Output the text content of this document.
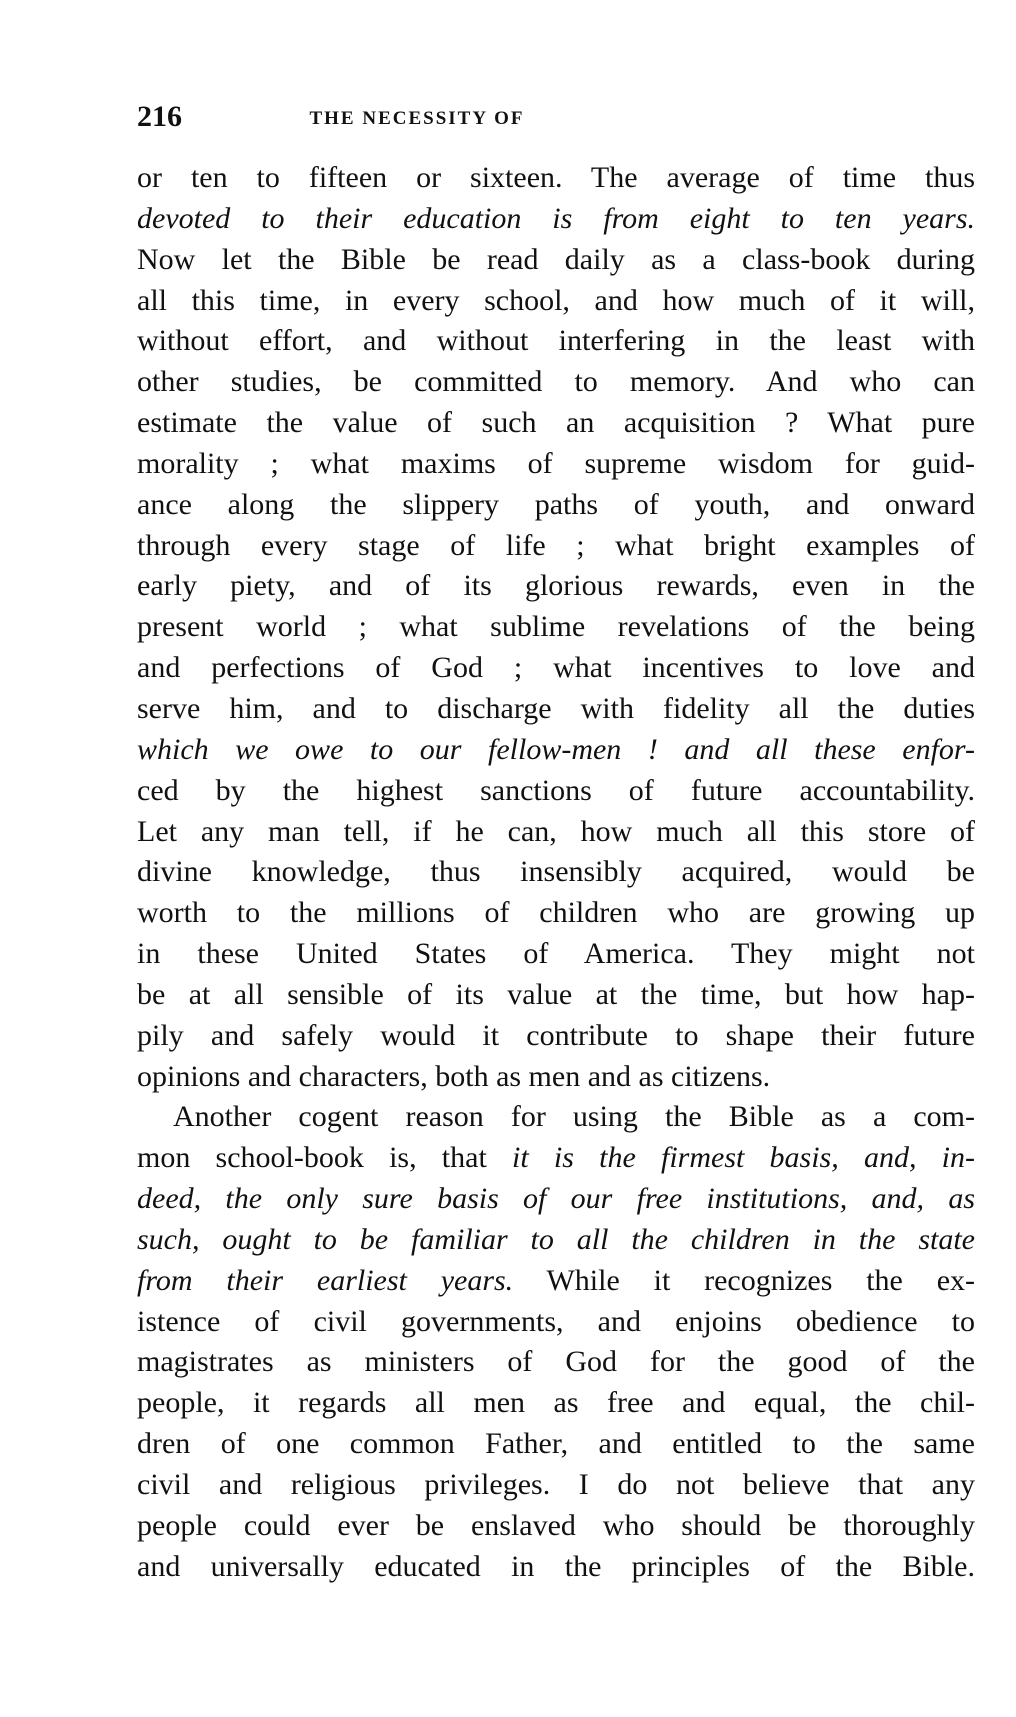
216	THE NECESSITY OF
or ten to fifteen or sixteen. The average of time thus
devoted to their education is from eight to ten years.
Now let the Bible be read daily as a class-book during
all this time, in every school, and how much of it will,
without effort, and without interfering in the least with
other studies, be committed to memory. And who can
estimate the value of such an acquisition ? What pure
morality ; what maxims of supreme wisdom for guid-
ance along the slippery paths of youth, and onward
through every stage of life ; what bright examples of
early piety, and of its glorious rewards, even in the
present world ; what sublime revelations of the being
and perfections of God ; what incentives to love and
serve him, and to discharge with fidelity all the duties
which we owe to our fellow-men ! and all these enfor-
ced by the highest sanctions of future accountability.
Let any man tell, if he can, how much all this store of
divine knowledge, thus insensibly acquired, would be
worth to the millions of children who are growing up
in these United States of America. They might not
be at all sensible of its value at the time, but how hap-
pily and safely would it contribute to shape their future
opinions and characters, both as men and as citizens.
Another cogent reason for using the Bible as a com-
mon school-book is, that it is the firmest basis, and, in-
deed, the only sure basis of our free institutions, and, as
such, ought to be familiar to all the children in the state
from their earliest years. While it recognizes the ex-
istence of civil governments, and enjoins obedience to
magistrates as ministers of God for the good of the
people, it regards all men as free and equal, the chil-
dren of one common Father, and entitled to the same
civil and religious privileges. I do not believe that any
people could ever be enslaved who should be thoroughly
and universally educated in the principles of the Bible.
